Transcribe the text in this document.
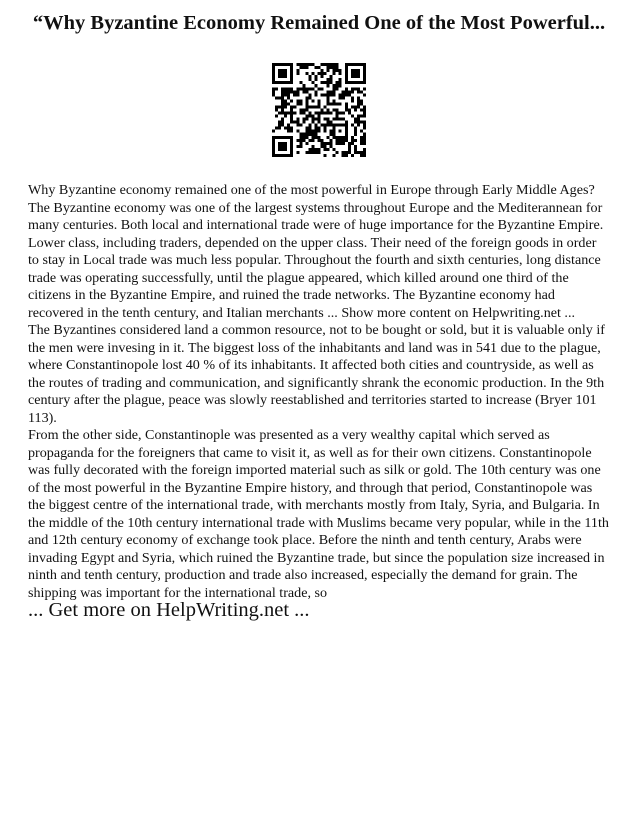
“Why Byzantine Economy Remained One of the Most Powerful...

Why Byzantine economy remained one of the most powerful in Europe through Early Middle Ages? The Byzantine economy was one of the largest systems throughout Europe and the Mediterannean for many centuries. Both local and international trade were of huge importance for the Byzantine Empire. Lower class, including traders, depended on the upper class. Their need of the foreign goods in order to stay in Local trade was much less popular. Throughout the fourth and sixth centuries, long distance trade was operating successfully, until the plague appeared, which killed around one third of the citizens in the Byzantine Empire, and ruined the trade networks. The Byzantine economy had recovered in the tenth century, and Italian merchants ... Show more content on Helpwriting.net ...

The Byzantines considered land a common resource, not to be bought or sold, but it is valuable only if the men were invesing in it. The biggest loss of the inhabitants and land was in 541 due to the plague, where Constantinopole lost 40 % of its inhabitants. It affected both cities and countryside, as well as the routes of trading and communication, and significantly shrank the economic production. In the 9th century after the plague, peace was slowly reestablished and territories started to increase (Bryer 101 113).

From the other side, Constantinople was presented as a very wealthy capital which served as propaganda for the foreigners that came to visit it, as well as for their own citizens. Constantinopole was fully decorated with the foreign imported material such as silk or gold. The 10th century was one of the most powerful in the Byzantine Empire history, and through that period, Constantinopole was the biggest centre of the international trade, with merchants mostly from Italy, Syria, and Bulgaria. In the middle of the 10th century international trade with Muslims became very popular, while in the 11th and 12th century economy of exchange took place. Before the ninth and tenth century, Arabs were invading Egypt and Syria, which ruined the Byzantine trade, but since the population size increased in ninth and tenth century, production and trade also increased, especially the demand for grain. The shipping was important for the international trade, so

... Get more on HelpWriting.net ...
